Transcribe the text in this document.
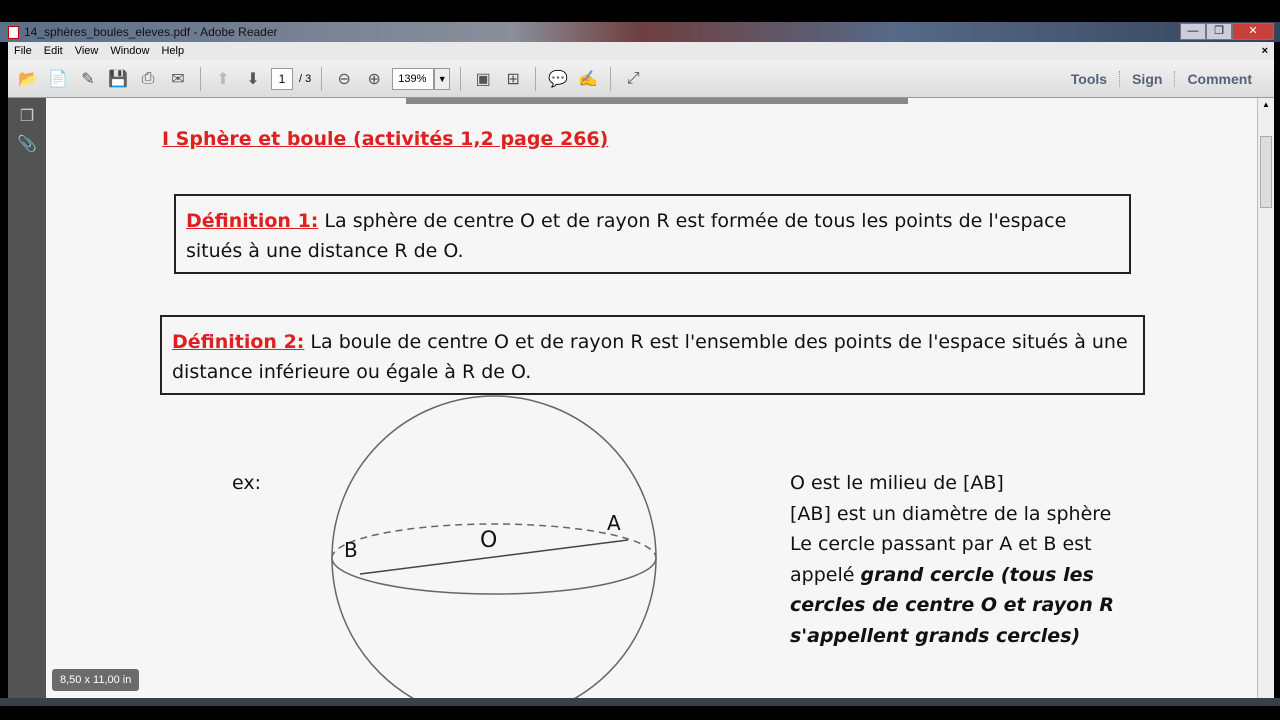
14_sphères_boules_eleves.pdf - Adobe Reader	—	❐	✕
File Edit View Window Help	×
📂 📄 ✎ 💾 ⎙	✉	⬆	⬇	1	/ 3	⊖	⊕	139%	▼ ▣ ⊞	💬 ✍	⤢	Tools	Sign	Comment
❐
📎	I Sphère et boule (activités 1,2 page 266)
Définition 1: La sphère de centre O et de rayon R est formée de tous les points de l'espace situés à une distance R de O.
Définition 2: La boule de centre O et de rayon R est l'ensemble des points de l'espace situés à une distance inférieure ou égale à R de O.
ex:
B	O
A
O est le milieu de [AB]
[AB] est un diamètre de la sphère
Le cercle passant par A et B est
appelé grand cercle (tous les cercles de centre O et rayon R s'appellent grands cercles)
▲
8,50 x 11,00 in
